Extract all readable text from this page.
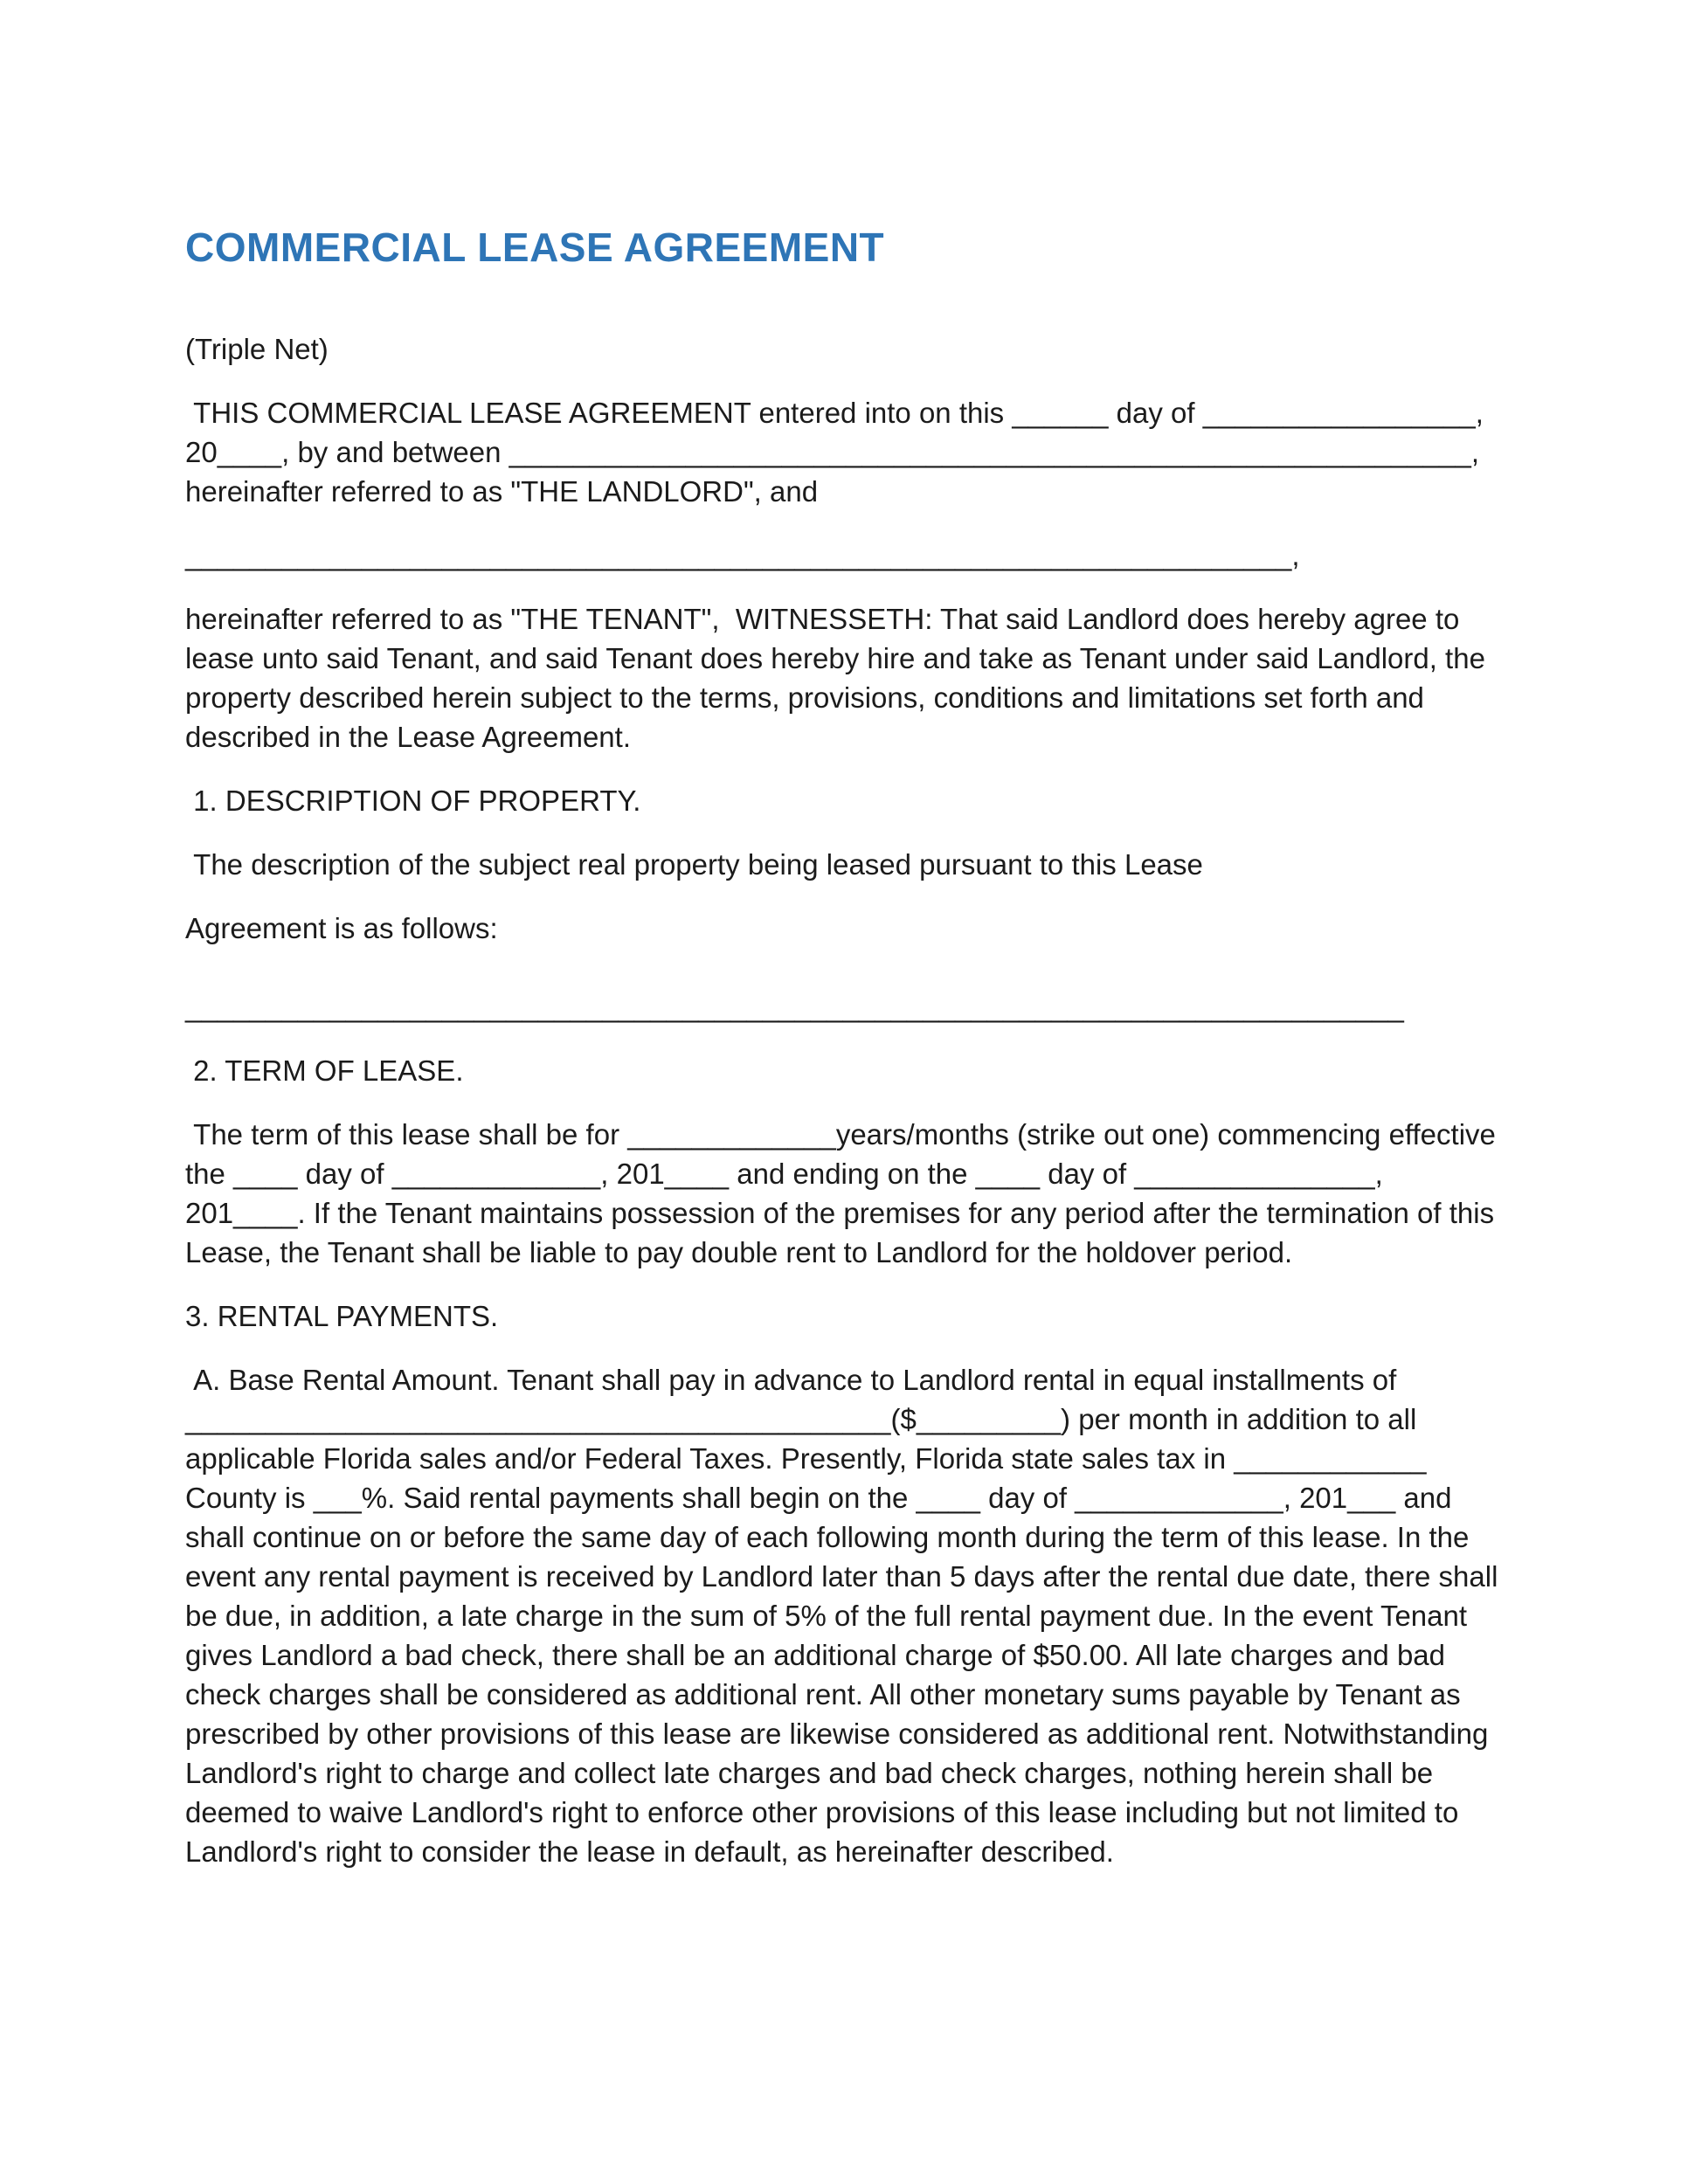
COMMERCIAL LEASE AGREEMENT

(Triple Net)

THIS COMMERCIAL LEASE AGREEMENT entered into on this ______ day of _________________, 20____, by and between ____________________________________________________________, hereinafter referred to as "THE LANDLORD", and

_____________________________________________________________________,

hereinafter referred to as "THE TENANT",  WITNESSETH: That said Landlord does hereby agree to lease unto said Tenant, and said Tenant does hereby hire and take as Tenant under said Landlord, the property described herein subject to the terms, provisions, conditions and limitations set forth and described in the Lease Agreement.

1. DESCRIPTION OF PROPERTY.

The description of the subject real property being leased pursuant to this Lease

Agreement is as follows:

____________________________________________________________________________

2. TERM OF LEASE.

The term of this lease shall be for _____________years/months (strike out one) commencing effective the ____ day of _____________, 201____ and ending on the ____ day of _______________, 201____. If the Tenant maintains possession of the premises for any period after the termination of this Lease, the Tenant shall be liable to pay double rent to Landlord for the holdover period.

3. RENTAL PAYMENTS.

A. Base Rental Amount. Tenant shall pay in advance to Landlord rental in equal installments of ____________________________________________($_________) per month in addition to all applicable Florida sales and/or Federal Taxes. Presently, Florida state sales tax in ____________ County is ___%. Said rental payments shall begin on the ____ day of _____________, 201___ and shall continue on or before the same day of each following month during the term of this lease. In the event any rental payment is received by Landlord later than 5 days after the rental due date, there shall be due, in addition, a late charge in the sum of 5% of the full rental payment due. In the event Tenant gives Landlord a bad check, there shall be an additional charge of $50.00. All late charges and bad check charges shall be considered as additional rent. All other monetary sums payable by Tenant as prescribed by other provisions of this lease are likewise considered as additional rent. Notwithstanding Landlord's right to charge and collect late charges and bad check charges, nothing herein shall be deemed to waive Landlord's right to enforce other provisions of this lease including but not limited to Landlord's right to consider the lease in default, as hereinafter described.
